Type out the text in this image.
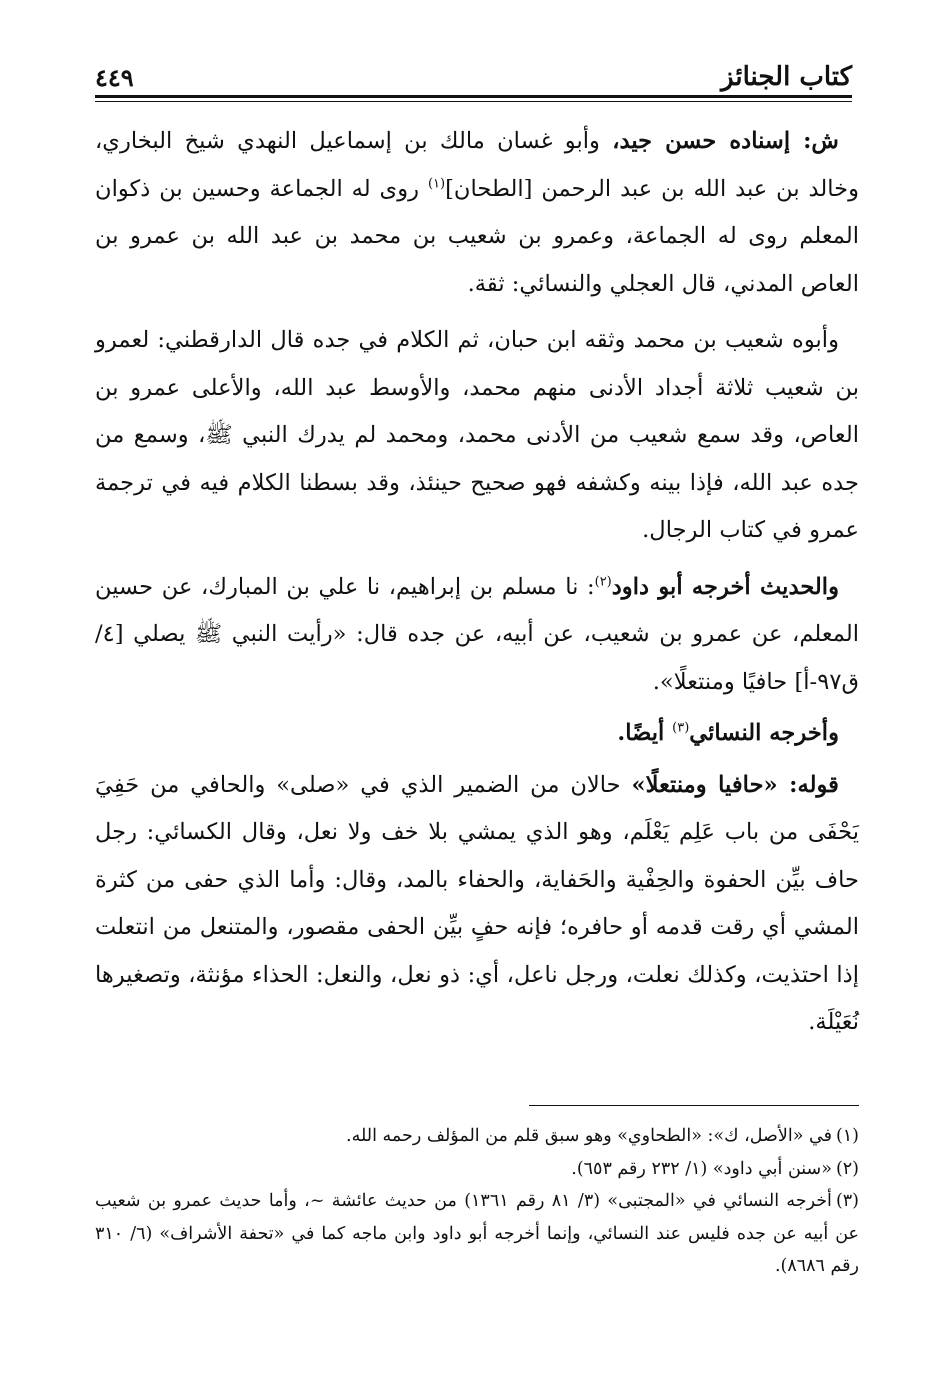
كتاب الجنائز
٤٤٩

ش: إسناده حسن جيد، وأبو غسان مالك بن إسماعيل النهدي شيخ البخاري، وخالد بن عبد الله بن عبد الرحمن [الطحان]$^{(١)}$ روى له الجماعة وحسين بن ذكوان المعلم روى له الجماعة، وعمرو بن شعيب بن محمد بن عبد الله بن عمرو بن العاص المدني، قال العجلي والنسائي: ثقة.

وأبوه شعيب بن محمد وثقه ابن حبان، ثم الكلام في جده قال الدارقطني: لعمرو بن شعيب ثلاثة أجداد الأدنى منهم محمد، والأوسط عبد الله، والأعلى عمرو بن العاص، وقد سمع شعيب من الأدنى محمد، ومحمد لم يدرك النبي ﷺ، وسمع من جده عبد الله، فإذا بينه وكشفه فهو صحيح حينئذ، وقد بسطنا الكلام فيه في ترجمة عمرو في كتاب الرجال.

والحديث أخرجه أبو داود$^{(٢)}$: نا مسلم بن إبراهيم، نا علي بن المبارك، عن حسين المعلم، عن عمرو بن شعيب، عن أبيه، عن جده قال: «رأيت النبي ﷺ يصلي [٤/ ق٩٧-أ] حافيًا ومنتعلًا».

وأخرجه النسائي$^{(٣)}$ أيضًا.

قوله: «حافيا ومنتعلًا» حالان من الضمير الذي في «صلى» والحافي من حَفِيَ يَحْفَى من باب عَلِم يَعْلَم، وهو الذي يمشي بلا خف ولا نعل، وقال الكسائي: رجل حاف بيِّن الحفوة والحِفْية والحَفاية، والحفاء بالمد، وقال: وأما الذي حفى من كثرة المشي أي رقت قدمه أو حافره؛ فإنه حفٍ بيِّن الحفى مقصور، والمتنعل من انتعلت إذا احتذيت، وكذلك نعلت، ورجل ناعل، أي: ذو نعل، والنعل: الحذاء مؤنثة، وتصغيرها نُعَيْلَة.

(١)في «الأصل، ك»: «الطحاوي» وهو سبق قلم من المؤلف رحمه الله.

(٢)«سنن أبي داود» (١/ ٢٣٢ رقم ٦٥٣).

(٣)أخرجه النسائي في «المجتبى» (٣/ ٨١ رقم ١٣٦١) من حديث عائشة ~، وأما حديث عمرو بن شعيب عن أبيه عن جده فليس عند النسائي، وإنما أخرجه أبو داود وابن ماجه كما في «تحفة الأشراف» (٦/ ٣١٠ رقم ٨٦٨٦).
